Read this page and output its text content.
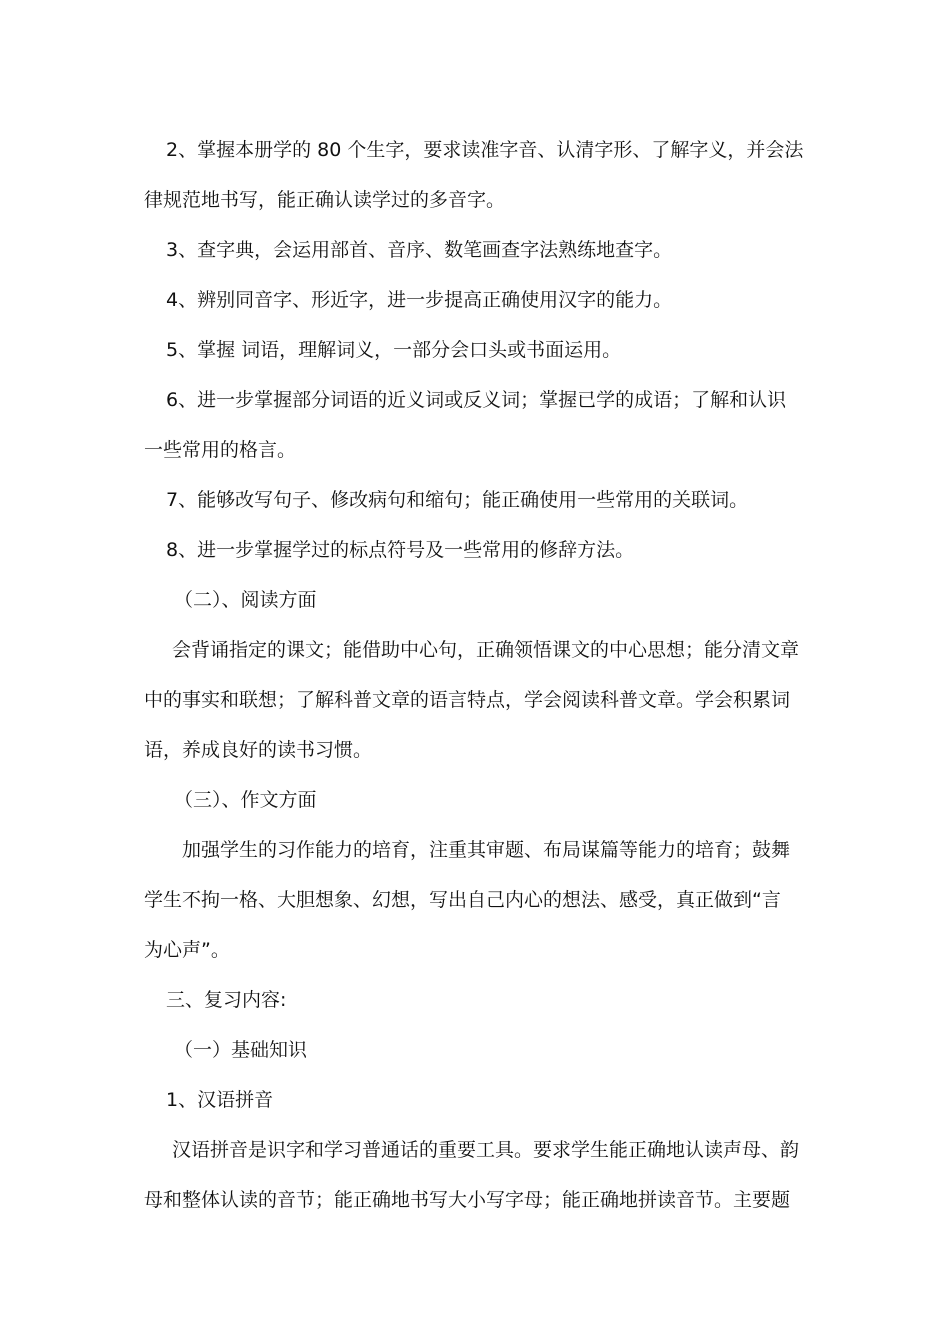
2、掌握本册学的 80 个生字，要求读准字音、认清字形、了解字义，并会法
律规范地书写，能正确认读学过的多音字。
3、查字典，会运用部首、音序、数笔画查字法熟练地查字。
4、辨别同音字、形近字，进一步提高正确使用汉字的能力。
5、掌握 词语，理解词义，一部分会口头或书面运用。
6、进一步掌握部分词语的近义词或反义词；掌握已学的成语；了解和认识
一些常用的格言。
7、能够改写句子、修改病句和缩句；能正确使用一些常用的关联词。
8、进一步掌握学过的标点符号及一些常用的修辞方法。
（二）、阅读方面
会背诵指定的课文；能借助中心句，正确领悟课文的中心思想；能分清文章
中的事实和联想；了解科普文章的语言特点，学会阅读科普文章。学会积累词
语，养成良好的读书习惯。
（三）、作文方面
加强学生的习作能力的培育，注重其审题、布局谋篇等能力的培育；鼓舞
学生不拘一格、大胆想象、幻想，写出自己内心的想法、感受，真正做到“言
为心声”。
三、复习内容:
（一）基础知识
1、汉语拼音
汉语拼音是识字和学习普通话的重要工具。要求学生能正确地认读声母、韵
母和整体认读的音节；能正确地书写大小写字母；能正确地拼读音节。主要题
